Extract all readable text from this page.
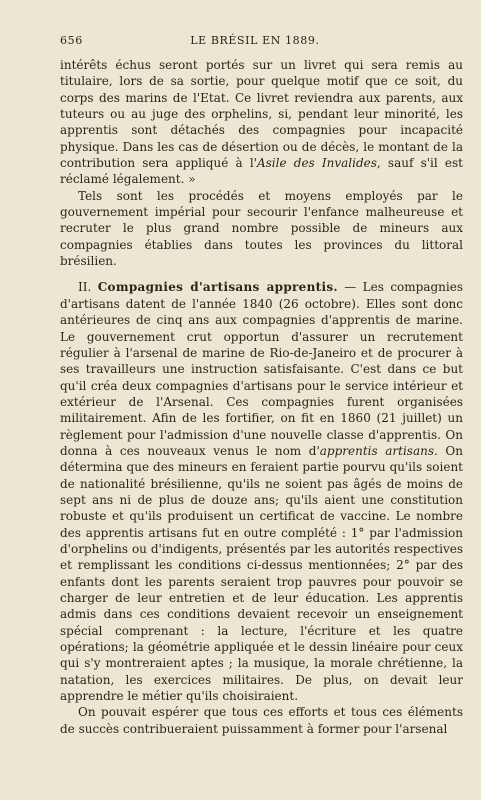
656	LE BRÉSIL EN 1889.

intérêts échus seront portés sur un livret qui sera remis au titulaire, lors de sa sortie, pour quelque motif que ce soit, du corps des marins de l'Etat. Ce livret reviendra aux parents, aux tuteurs ou au juge des orphelins, si, pendant leur minorité, les apprentis sont détachés des compagnies pour incapacité physique. Dans les cas de désertion ou de décès, le montant de la contribution sera appliqué à l'Asile des Invalides, sauf s'il est réclamé légalement. »

Tels sont les procédés et moyens employés par le gouvernement impérial pour secourir l'enfance malheureuse et recruter le plus grand nombre possible de mineurs aux compagnies établies dans toutes les provinces du littoral brésilien.

II. Compagnies d'artisans apprentis. — Les compagnies d'artisans datent de l'année 1840 (26 octobre). Elles sont donc antérieures de cinq ans aux compagnies d'apprentis de marine. Le gouvernement crut opportun d'assurer un recrutement régulier à l'arsenal de marine de Rio-de-Janeiro et de procurer à ses travailleurs une instruction satisfaisante. C'est dans ce but qu'il créa deux compagnies d'artisans pour le service intérieur et extérieur de l'Arsenal. Ces compagnies furent organisées militairement. Afin de les fortifier, on fit en 1860 (21 juillet) un règlement pour l'admission d'une nouvelle classe d'apprentis. On donna à ces nouveaux venus le nom d'apprentis artisans. On détermina que des mineurs en feraient partie pourvu qu'ils soient de nationalité brésilienne, qu'ils ne soient pas âgés de moins de sept ans ni de plus de douze ans; qu'ils aient une constitution robuste et qu'ils produisent un certificat de vaccine. Le nombre des apprentis artisans fut en outre complété : 1° par l'admission d'orphelins ou d'indigents, présentés par les autorités respectives et remplissant les conditions ci-dessus mentionnées; 2° par des enfants dont les parents seraient trop pauvres pour pouvoir se charger de leur entretien et de leur éducation. Les apprentis admis dans ces conditions devaient recevoir un enseignement spécial comprenant : la lecture, l'écriture et les quatre opérations; la géométrie appliquée et le dessin linéaire pour ceux qui s'y montreraient aptes ; la musique, la morale chrétienne, la natation, les exercices militaires. De plus, on devait leur apprendre le métier qu'ils choisiraient.

On pouvait espérer que tous ces efforts et tous ces éléments de succès contribueraient puissamment à former pour l'arsenal
